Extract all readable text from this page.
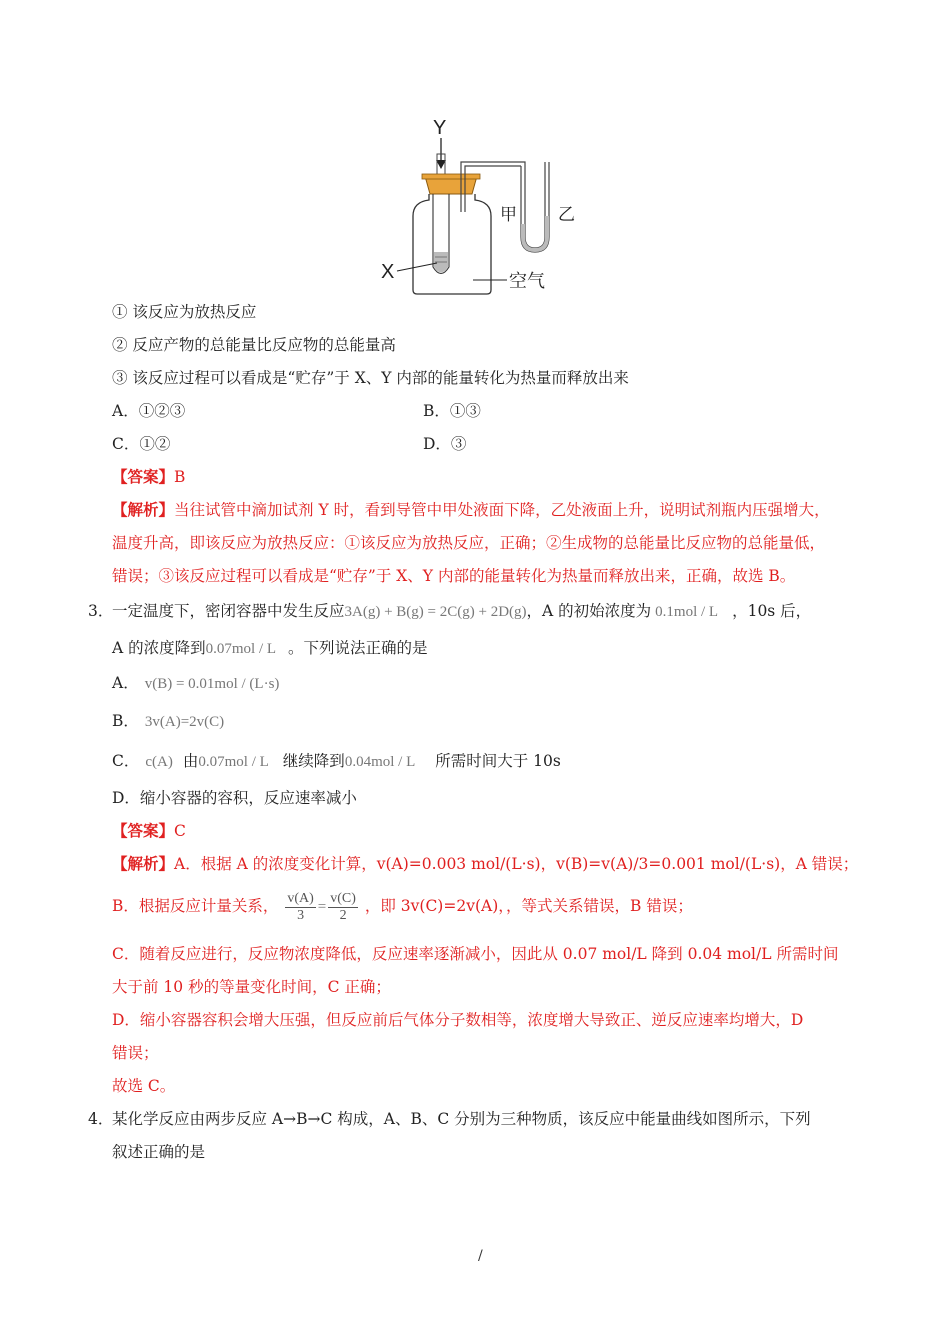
Y
甲 乙
X	空气
① 该反应为放热反应
② 反应产物的总能量比反应物的总能量高
③ 该反应过程可以看成是“贮存”于 X、Y 内部的能量转化为热量而释放出来
A．①②③	B．①③
C．①②	D．③
【答案】B
【解析】当往试管中滴加试剂 Y 时，看到导管中甲处液面下降，乙处液面上升，说明试剂瓶内压强增大，
温度升高，即该反应为放热反应：①该反应为放热反应，正确；②生成物的总能量比反应物的总能量低，
错误；③该反应过程可以看成是“贮存”于 X、Y 内部的能量转化为热量而释放出来，正确，故选 B。
3．
一定温度下，密闭容器中发生反应3A(g) + B(g) = 2C(g) + 2D(g)，A 的初始浓度为 0.1mol / L ，10s 后，
A 的浓度降到0.07mol / L 。下列说法正确的是
A． v(B) = 0.01mol / (L·s)
B． 3v(A)=2v(C)
C． c(A) 由0.07mol / L 继续降到0.04mol / L 所需时间大于 10s
D．缩小容器的容积，反应速率减小
【答案】C
【解析】A．根据 A 的浓度变化计算，v(A)=0.003 mol/(L·s)，v(B)=v(A)/3=0.001 mol/(L·s)，A 错误；
B．根据反应计量关系， $\frac{v(A)}{3} = \frac{v(C)}{2}$ ，即 3v(C)=2v(A)，，等式关系错误，B 错误；
C．随着反应进行，反应物浓度降低，反应速率逐渐减小，因此从 0.07 mol/L 降到 0.04 mol/L 所需时间
大于前 10 秒的等量变化时间，C 正确；
D．缩小容器容积会增大压强，但反应前后气体分子数相等，浓度增大导致正、逆反应速率均增大，D
错误；
故选 C。
4．
某化学反应由两步反应 A→B→C 构成，A、B、C 分别为三种物质，该反应中能量曲线如图所示，下列
叙述正确的是
/
